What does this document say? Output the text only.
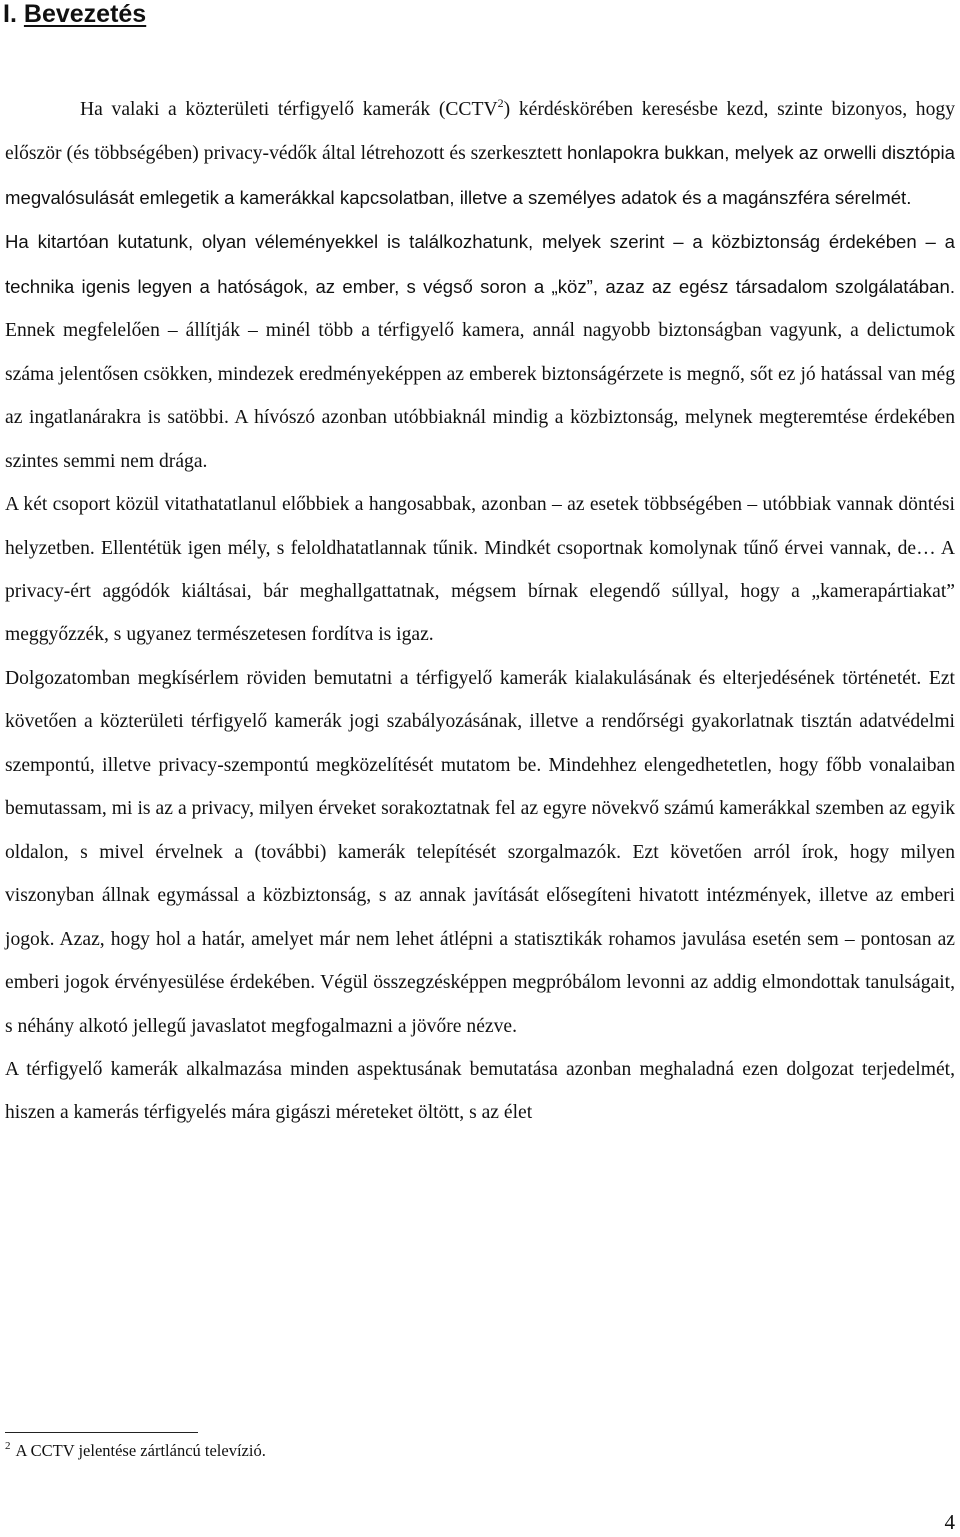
I. Bevezetés

Ha valaki a közterületi térfigyelő kamerák (CCTV$^2$) kérdéskörében keresésbe kezd, szinte bizonyos, hogy először (és többségében) privacy-védők által létrehozott és szerkesztett honlapokra bukkan, melyek az orwelli disztópia megvalósulását emlegetik a kamerákkal kapcsolatban, illetve a személyes adatok és a magánszféra sérelmét.
Ha kitartóan kutatunk, olyan véleményekkel is találkozhatunk, melyek szerint – a közbiztonság érdekében – a technika igenis legyen a hatóságok, az ember, s végső soron a „köz”, azaz az egész társadalom szolgálatában. Ennek megfelelően – állítják – minél több a térfigyelő kamera, annál nagyobb biztonságban vagyunk, a delictumok száma jelentősen csökken, mindezek eredményeképpen az emberek biztonságérzete is megnő, sőt ez jó hatással van még az ingatlanárakra is satöbbi. A hívószó azonban utóbbiaknál mindig a közbiztonság, melynek megteremtése érdekében szintes semmi nem drága.

A két csoport közül vitathatatlanul előbbiek a hangosabbak, azonban – az esetek többségében – utóbbiak vannak döntési helyzetben. Ellentétük igen mély, s feloldhatatlannak tűnik. Mindkét csoportnak komolynak tűnő érvei vannak, de… A privacy-ért aggódók kiáltásai, bár meghallgattatnak, mégsem bírnak elegendő súllyal, hogy a „kamerapártiakat” meggyőzzék, s ugyanez természetesen fordítva is igaz.

Dolgozatomban megkísérlem röviden bemutatni a térfigyelő kamerák kialakulásának és elterjedésének történetét. Ezt követően a közterületi térfigyelő kamerák jogi szabályozásának, illetve a rendőrségi gyakorlatnak tisztán adatvédelmi szempontú, illetve privacy-szempontú megközelítését mutatom be. Mindehhez elengedhetetlen, hogy főbb vonalaiban bemutassam, mi is az a privacy, milyen érveket sorakoztatnak fel az egyre növekvő számú kamerákkal szemben az egyik oldalon, s mivel érvelnek a (további) kamerák telepítését szorgalmazók. Ezt követően arról írok, hogy milyen viszonyban állnak egymással a közbiztonság, s az annak javítását elősegíteni hivatott intézmények, illetve az emberi jogok. Azaz, hogy hol a határ, amelyet már nem lehet átlépni a statisztikák rohamos javulása esetén sem – pontosan az emberi jogok érvényesülése érdekében. Végül összegzésképpen megpróbálom levonni az addig elmondottak tanulságait, s néhány alkotó jellegű javaslatot megfogalmazni a jövőre nézve.

A térfigyelő kamerák alkalmazása minden aspektusának bemutatása azonban meghaladná ezen dolgozat terjedelmét, hiszen a kamerás térfigyelés mára gigászi méreteket öltött, s az élet

$^2$ A CCTV jelentése zártláncú televízió.
4
